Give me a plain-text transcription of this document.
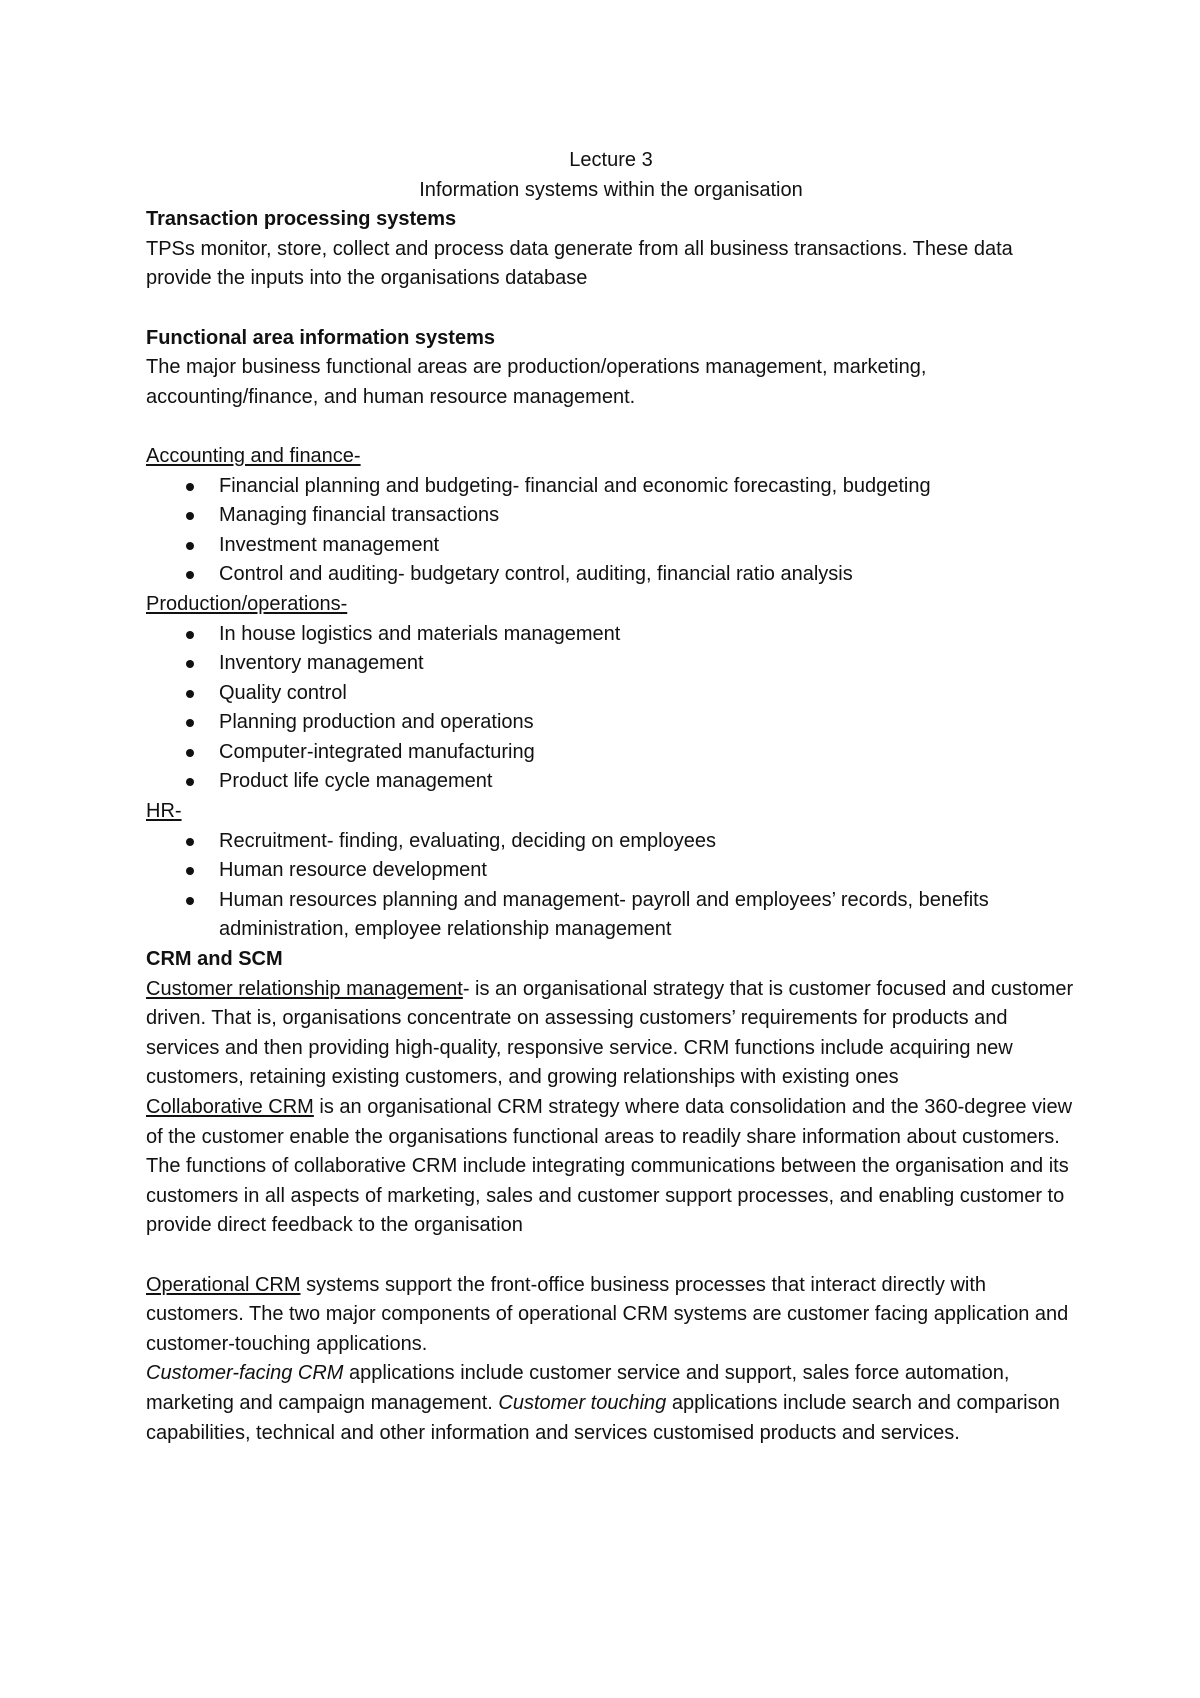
Lecture 3

Information systems within the organisation

Transaction processing systems

TPSs monitor, store, collect and process data generate from all business transactions. These data provide the inputs into the organisations database

Functional area information systems

The major business functional areas are production/operations management, marketing, accounting/finance, and human resource management.

Accounting and finance-

Financial planning and budgeting- financial and economic forecasting, budgeting
Managing financial transactions
Investment management
Control and auditing- budgetary control, auditing, financial ratio analysis

Production/operations-

In house logistics and materials management
Inventory management
Quality control
Planning production and operations
Computer-integrated manufacturing
Product life cycle management

HR-

Recruitment- finding, evaluating, deciding on employees
Human resource development
Human resources planning and management- payroll and employees’ records, benefits administration, employee relationship management

CRM and SCM

Customer relationship management- is an organisational strategy that is customer focused and customer driven. That is, organisations concentrate on assessing customers’ requirements for products and services and then providing high-quality, responsive service. CRM functions include acquiring new customers, retaining existing customers, and growing relationships with existing ones

Collaborative CRM is an organisational CRM strategy where data consolidation and the 360-degree view of the customer enable the organisations functional areas to readily share information about customers. The functions of collaborative CRM include integrating communications between the organisation and its customers in all aspects of marketing, sales and customer support processes, and enabling customer to provide direct feedback to the organisation

Operational CRM systems support the front-office business processes that interact directly with customers. The two major components of operational CRM systems are customer facing application and customer-touching applications.

Customer-facing CRM applications include customer service and support, sales force automation, marketing and campaign management. Customer touching applications include search and comparison capabilities, technical and other information and services customised products and services.
